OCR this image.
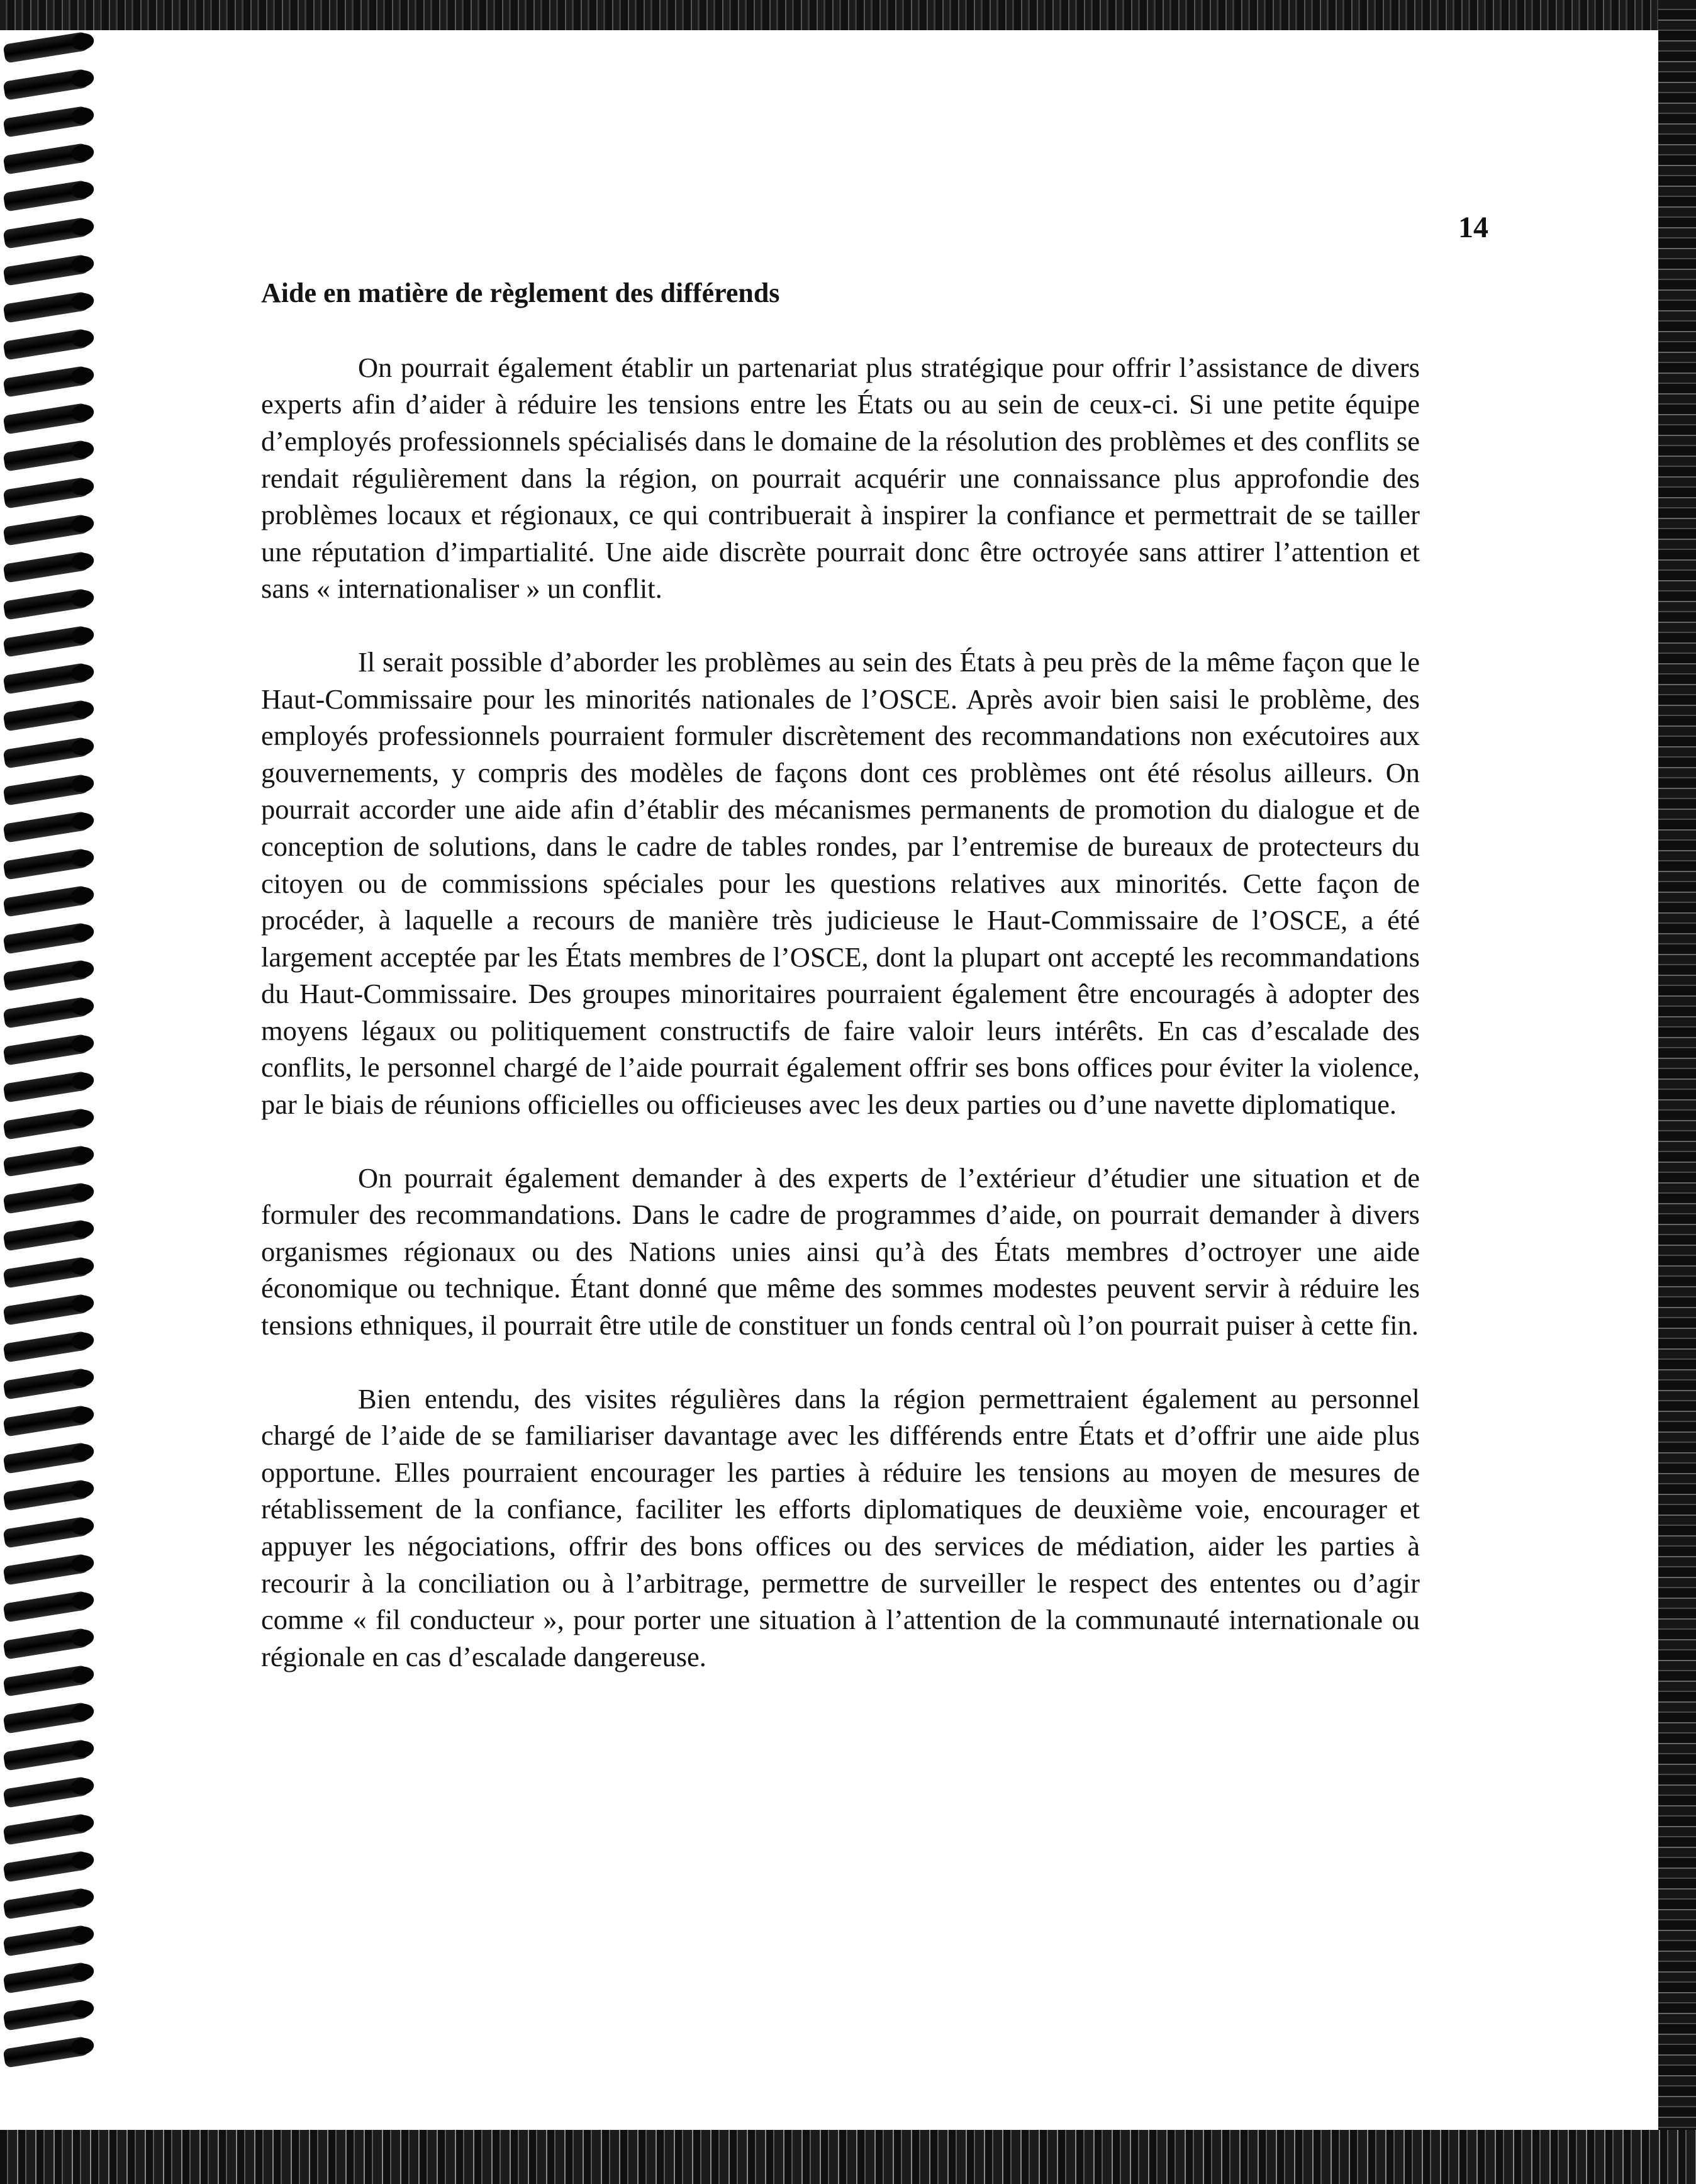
14
Aide en matière de règlement des différends

On pourrait également établir un partenariat plus stratégique pour offrir l’assistance de divers experts afin d’aider à réduire les tensions entre les États ou au sein de ceux-ci. Si une petite équipe d’employés professionnels spécialisés dans le domaine de la résolution des problèmes et des conflits se rendait régulièrement dans la région, on pourrait acquérir une connaissance plus approfondie des problèmes locaux et régionaux, ce qui contribuerait à inspirer la confiance et permettrait de se tailler une réputation d’impartialité. Une aide discrète pourrait donc être octroyée sans attirer l’attention et sans « internationaliser » un conflit.

Il serait possible d’aborder les problèmes au sein des États à peu près de la même façon que le Haut-Commissaire pour les minorités nationales de l’OSCE. Après avoir bien saisi le problème, des employés professionnels pourraient formuler discrètement des recommandations non exécutoires aux gouvernements, y compris des modèles de façons dont ces problèmes ont été résolus ailleurs. On pourrait accorder une aide afin d’établir des mécanismes permanents de promotion du dialogue et de conception de solutions, dans le cadre de tables rondes, par l’entremise de bureaux de protecteurs du citoyen ou de commissions spéciales pour les questions relatives aux minorités. Cette façon de procéder, à laquelle a recours de manière très judicieuse le Haut-Commissaire de l’OSCE, a été largement acceptée par les États membres de l’OSCE, dont la plupart ont accepté les recommandations du Haut-Commissaire. Des groupes minoritaires pourraient également être encouragés à adopter des moyens légaux ou politiquement constructifs de faire valoir leurs intérêts. En cas d’escalade des conflits, le personnel chargé de l’aide pourrait également offrir ses bons offices pour éviter la violence, par le biais de réunions officielles ou officieuses avec les deux parties ou d’une navette diplomatique.

On pourrait également demander à des experts de l’extérieur d’étudier une situation et de formuler des recommandations. Dans le cadre de programmes d’aide, on pourrait demander à divers organismes régionaux ou des Nations unies ainsi qu’à des États membres d’octroyer une aide économique ou technique. Étant donné que même des sommes modestes peuvent servir à réduire les tensions ethniques, il pourrait être utile de constituer un fonds central où l’on pourrait puiser à cette fin.

Bien entendu, des visites régulières dans la région permettraient également au personnel chargé de l’aide de se familiariser davantage avec les différends entre États et d’offrir une aide plus opportune. Elles pourraient encourager les parties à réduire les tensions au moyen de mesures de rétablissement de la confiance, faciliter les efforts diplomatiques de deuxième voie, encourager et appuyer les négociations, offrir des bons offices ou des services de médiation, aider les parties à recourir à la conciliation ou à l’arbitrage, permettre de surveiller le respect des ententes ou d’agir comme « fil conducteur », pour porter une situation à l’attention de la communauté internationale ou régionale en cas d’escalade dangereuse.
